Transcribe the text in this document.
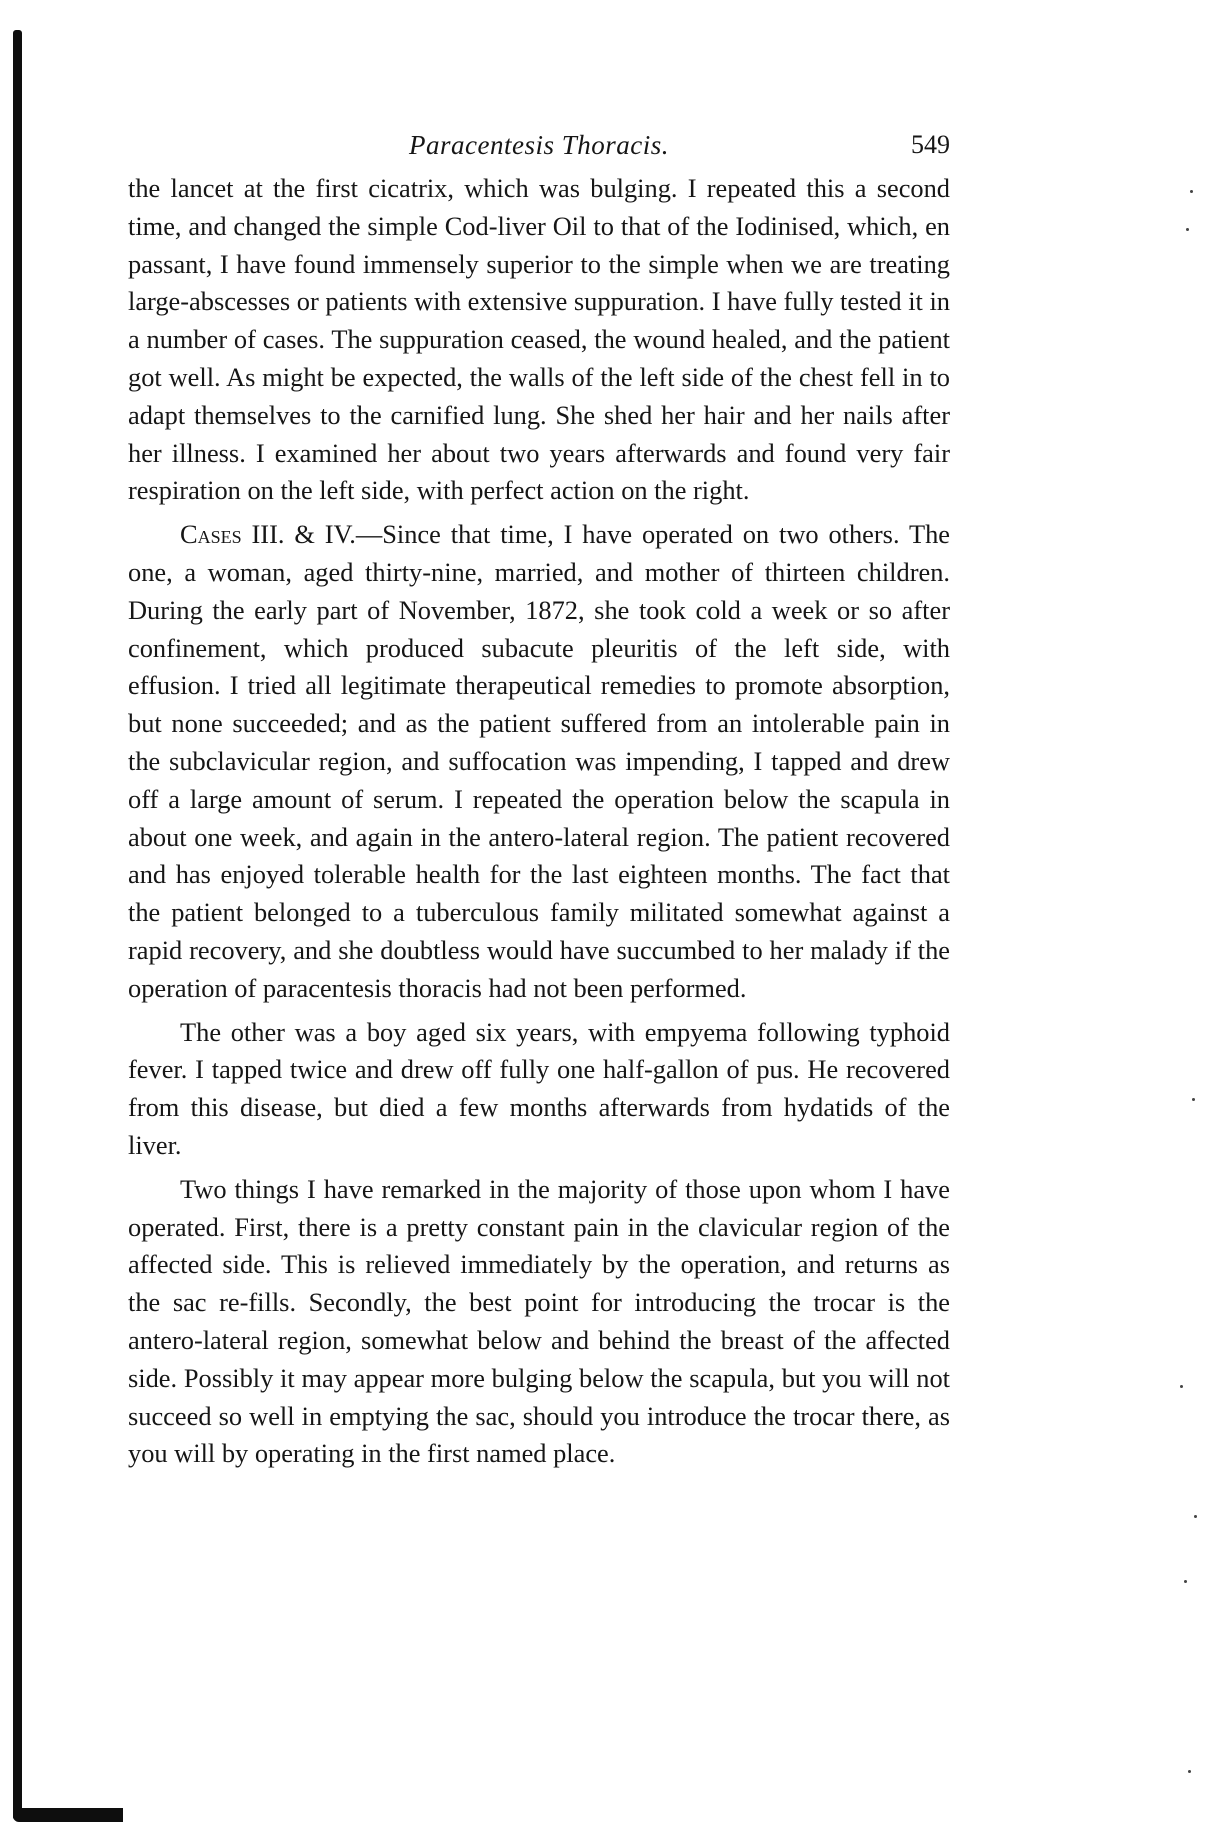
Paracentesis Thoracis.	549

the lancet at the first cicatrix, which was bulging. I repeated this a second time, and changed the simple Cod-liver Oil to that of the Iodinised, which, en passant, I have found immensely superior to the simple when we are treating large-abscesses or patients with extensive suppuration. I have fully tested it in a number of cases. The suppuration ceased, the wound healed, and the patient got well. As might be expected, the walls of the left side of the chest fell in to adapt themselves to the carnified lung. She shed her hair and her nails after her illness. I examined her about two years afterwards and found very fair respiration on the left side, with perfect action on the right.

Cases III. & IV.—Since that time, I have operated on two others. The one, a woman, aged thirty-nine, married, and mother of thirteen children. During the early part of November, 1872, she took cold a week or so after confinement, which produced subacute pleuritis of the left side, with effusion. I tried all legitimate therapeutical remedies to promote absorption, but none succeeded; and as the patient suffered from an intolerable pain in the subclavicular region, and suffocation was impending, I tapped and drew off a large amount of serum. I repeated the operation below the scapula in about one week, and again in the antero-lateral region. The patient recovered and has enjoyed tolerable health for the last eighteen months. The fact that the patient belonged to a tuberculous family militated somewhat against a rapid recovery, and she doubtless would have succumbed to her malady if the operation of paracentesis thoracis had not been performed.

The other was a boy aged six years, with empyema following typhoid fever. I tapped twice and drew off fully one half-gallon of pus. He recovered from this disease, but died a few months afterwards from hydatids of the liver.

Two things I have remarked in the majority of those upon whom I have operated. First, there is a pretty constant pain in the clavicular region of the affected side. This is relieved immediately by the operation, and returns as the sac re-fills. Secondly, the best point for introducing the trocar is the antero-lateral region, somewhat below and behind the breast of the affected side. Possibly it may appear more bulging below the scapula, but you will not succeed so well in emptying the sac, should you introduce the trocar there, as you will by operating in the first named place.
